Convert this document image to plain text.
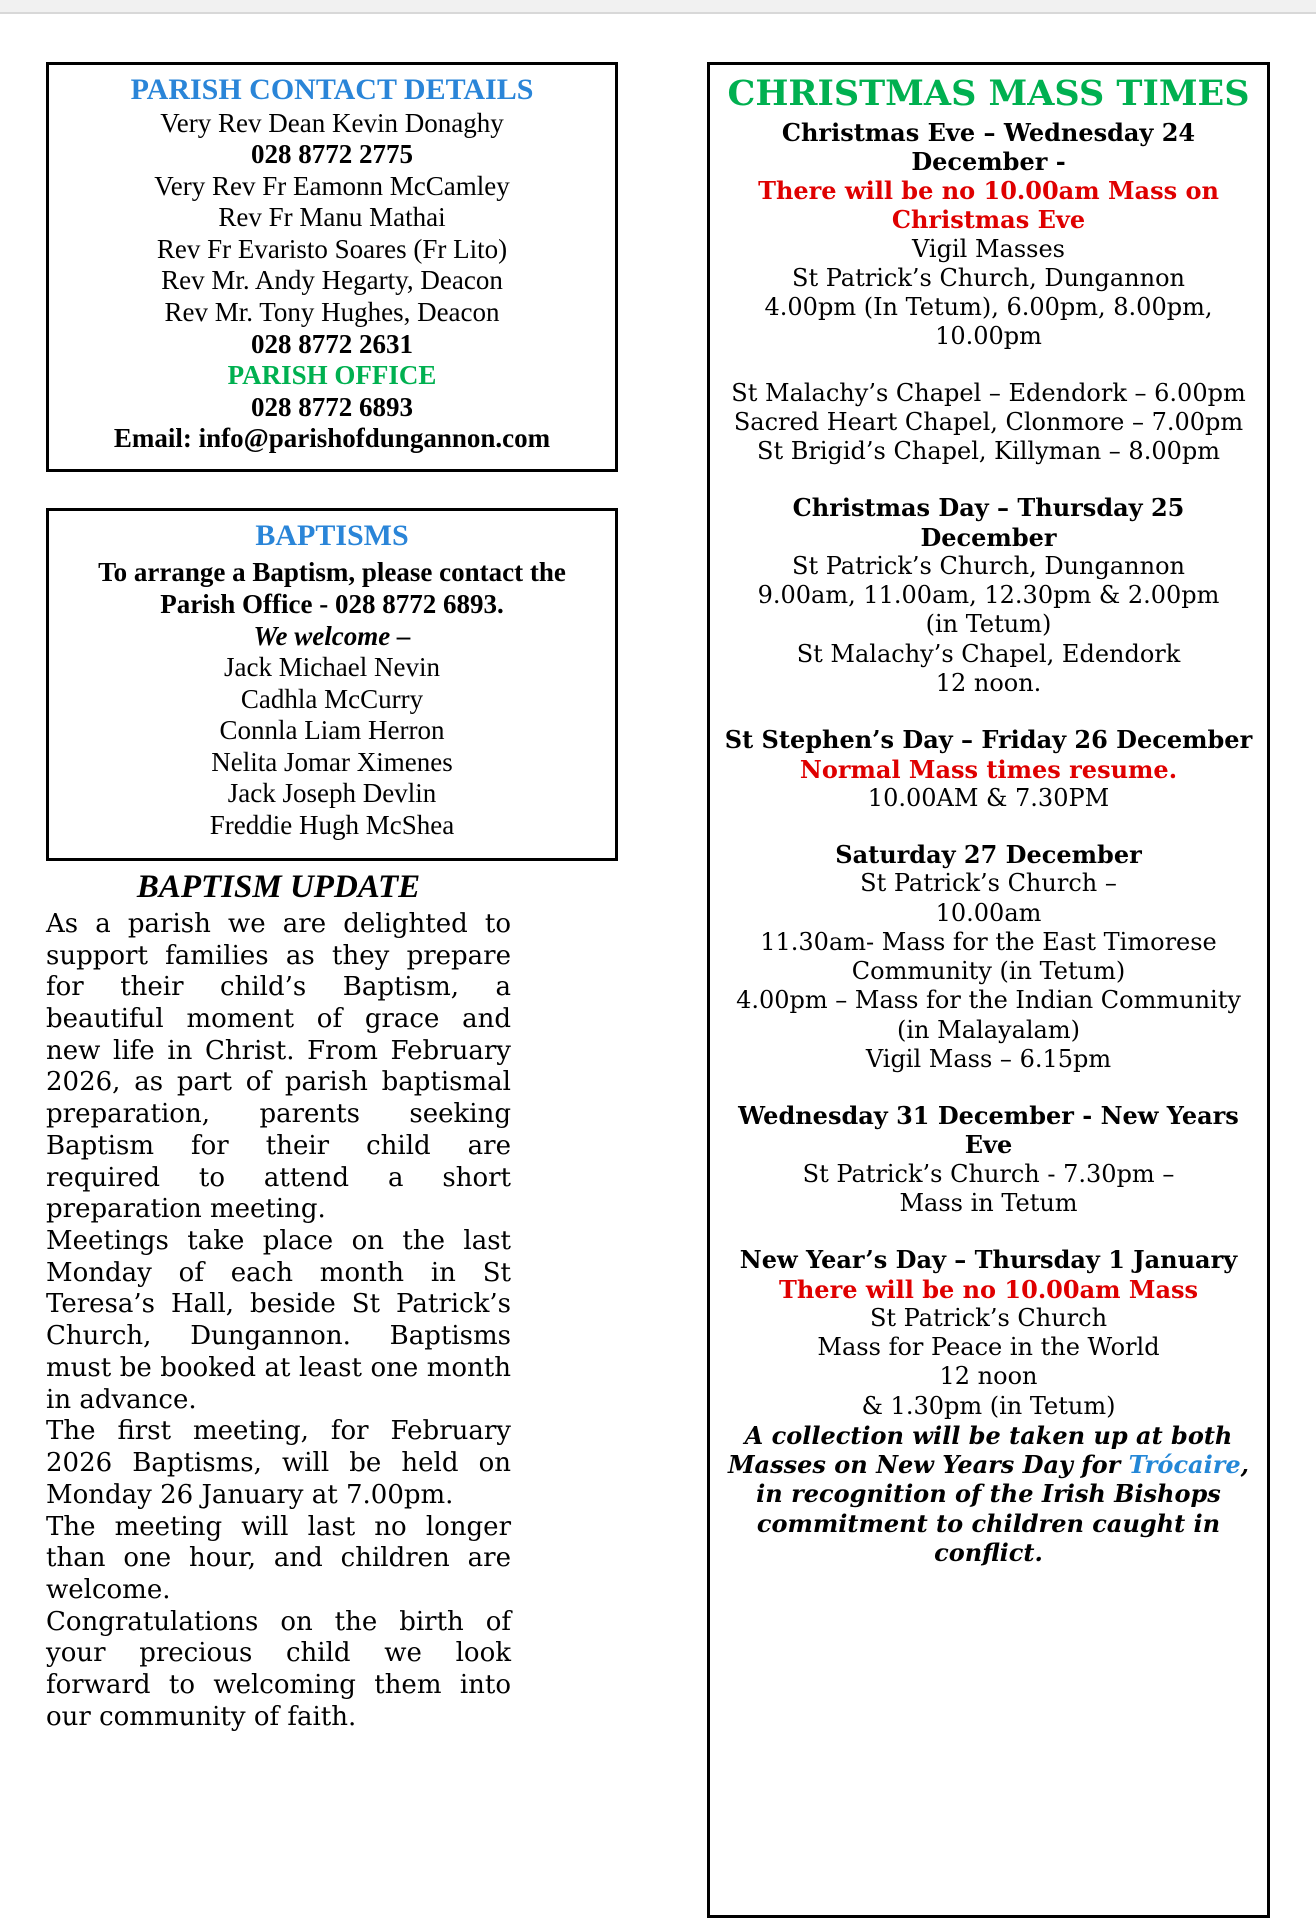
PARISH CONTACT DETAILS
Very Rev Dean Kevin Donaghy
028 8772 2775
Very Rev Fr Eamonn McCamley
Rev Fr Manu Mathai
Rev Fr Evaristo Soares (Fr Lito)
Rev Mr. Andy Hegarty, Deacon
Rev Mr. Tony Hughes, Deacon
028 8772 2631
PARISH OFFICE
028 8772 6893
Email: info@parishofdungannon.com
BAPTISMS
To arrange a Baptism, please contact the Parish Office - 028 8772 6893.
We welcome –
Jack Michael Nevin
Cadhla McCurry
Connla Liam Herron
Nelita Jomar Ximenes
Jack Joseph Devlin
Freddie Hugh McShea
BAPTISM UPDATE

As a parish we are delighted to support families as they prepare for their child’s Baptism, a beautiful moment of grace and new life in Christ. From February 2026, as part of parish baptismal preparation, parents seeking Baptism for their child are required to attend a short preparation meeting.

Meetings take place on the last Monday of each month in St Teresa’s Hall, beside St Patrick’s Church, Dungannon. Baptisms must be booked at least one month in advance.

The first meeting, for February 2026 Baptisms, will be held on Monday 26 January at 7.00pm.

The meeting will last no longer than one hour, and children are welcome.

Congratulations on the birth of your precious child we look forward to welcoming them into our community of faith.

CHRISTMAS MASS TIMES
Christmas Eve – Wednesday 24
December -
There will be no 10.00am Mass on Christmas Eve
Vigil Masses
St Patrick’s Church, Dungannon
4.00pm (In Tetum), 6.00pm, 8.00pm, 10.00pm
St Malachy’s Chapel – Edendork – 6.00pm
Sacred Heart Chapel, Clonmore – 7.00pm
St Brigid’s Chapel, Killyman – 8.00pm
Christmas Day – Thursday 25
December
St Patrick’s Church, Dungannon
9.00am, 11.00am, 12.30pm & 2.00pm
(in Tetum)
St Malachy’s Chapel, Edendork
12 noon.
St Stephen’s Day – Friday 26 December
Normal Mass times resume.
10.00AM & 7.30PM
Saturday 27 December
St Patrick’s Church –
10.00am
11.30am- Mass for the East Timorese Community (in Tetum)
4.00pm – Mass for the Indian Community (in Malayalam)
Vigil Mass – 6.15pm
Wednesday 31 December - New Years
Eve
St Patrick’s Church - 7.30pm –
Mass in Tetum
New Year’s Day – Thursday 1 January
There will be no 10.00am Mass
St Patrick’s Church
Mass for Peace in the World
12 noon
& 1.30pm (in Tetum)

A collection will be taken up at both Masses on New Years Day for Trócaire, in recognition of the Irish Bishops commitment to children caught in conflict.
